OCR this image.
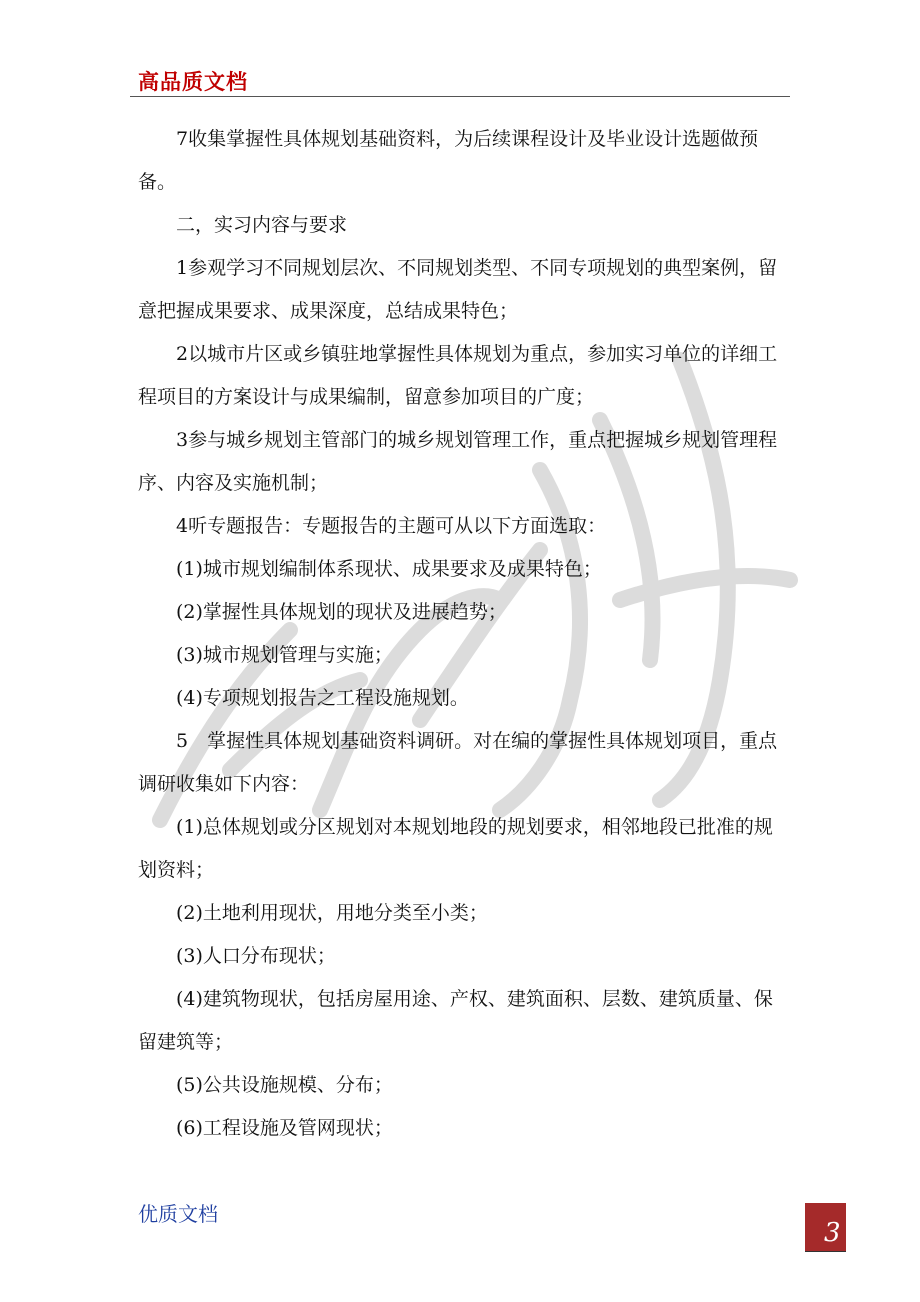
高品质文档

7收集掌握性具体规划基础资料，为后续课程设计及毕业设计选题做预备。

二，实习内容与要求

1参观学习不同规划层次、不同规划类型、不同专项规划的典型案例，留意把握成果要求、成果深度，总结成果特色；

2以城市片区或乡镇驻地掌握性具体规划为重点，参加实习单位的详细工程项目的方案设计与成果编制，留意参加项目的广度；

3参与城乡规划主管部门的城乡规划管理工作，重点把握城乡规划管理程序、内容及实施机制；

4听专题报告：专题报告的主题可从以下方面选取：

(1)城市规划编制体系现状、成果要求及成果特色；

(2)掌握性具体规划的现状及进展趋势；

(3)城市规划管理与实施；

(4)专项规划报告之工程设施规划。

5　掌握性具体规划基础资料调研。对在编的掌握性具体规划项目，重点调研收集如下内容：

(1)总体规划或分区规划对本规划地段的规划要求，相邻地段已批准的规划资料；

(2)土地利用现状，用地分类至小类；

(3)人口分布现状；

(4)建筑物现状，包括房屋用途、产权、建筑面积、层数、建筑质量、保留建筑等；

(5)公共设施规模、分布；

(6)工程设施及管网现状；

优质文档
3
